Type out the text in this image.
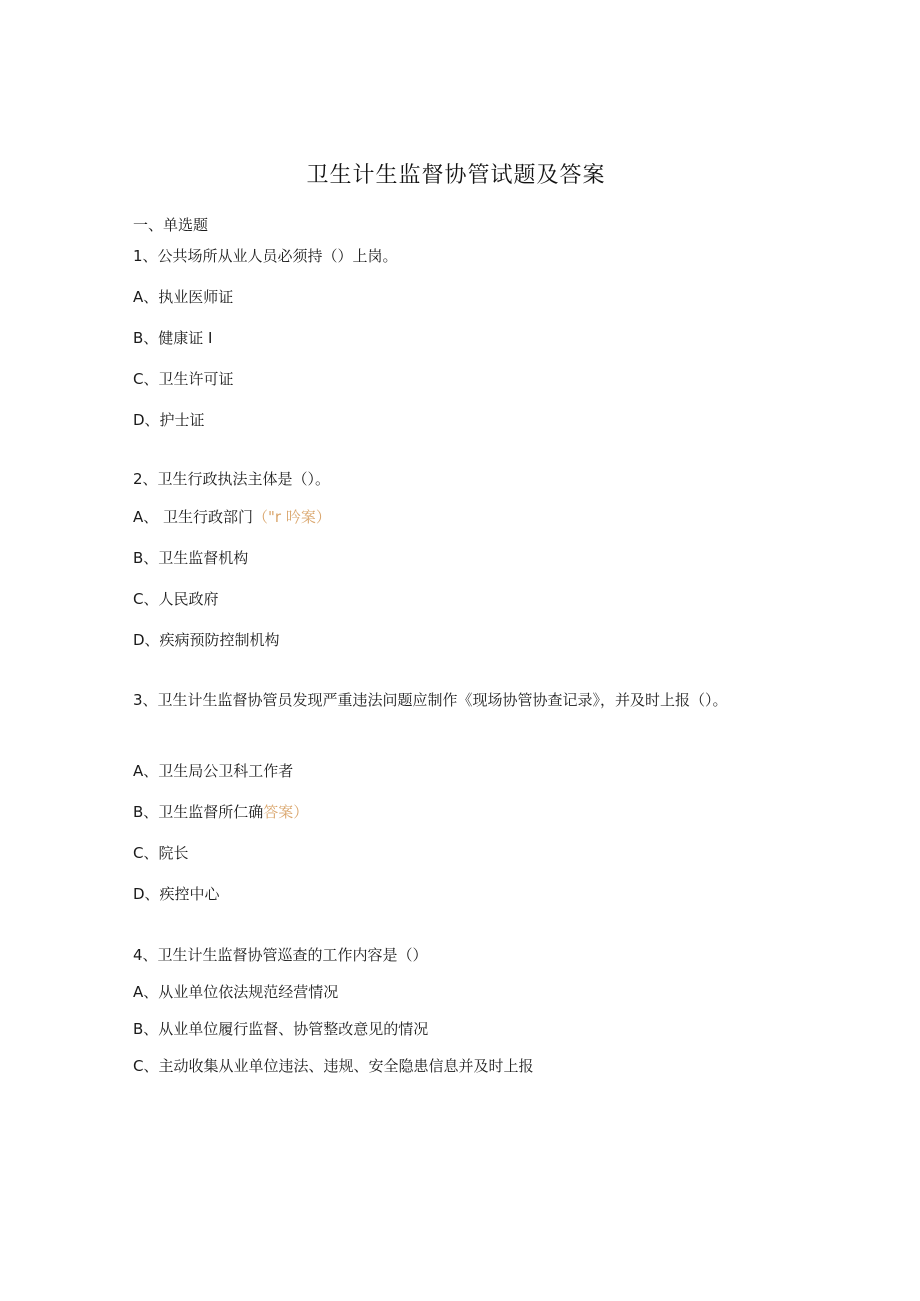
卫生计生监督协管试题及答案
一、单选题
1、公共场所从业人员必须持（）上岗。
A、执业医师证
B、健康证 I
C、卫生许可证
D、护士证
2、卫生行政执法主体是（）。
A、 卫生行政部门（"r 吟案）
B、卫生监督机构
C、人民政府
D、疾病预防控制机构
3、卫生计生监督协管员发现严重违法问题应制作《现场协管协查记录》，并及时上报（）。
A、卫生局公卫科工作者
B、卫生监督所仁确答案）
C、院长
D、疾控中心
4、卫生计生监督协管巡查的工作内容是（）
A、从业单位依法规范经营情况
B、从业单位履行监督、协管整改意见的情况
C、主动收集从业单位违法、违规、安全隐患信息并及时上报
